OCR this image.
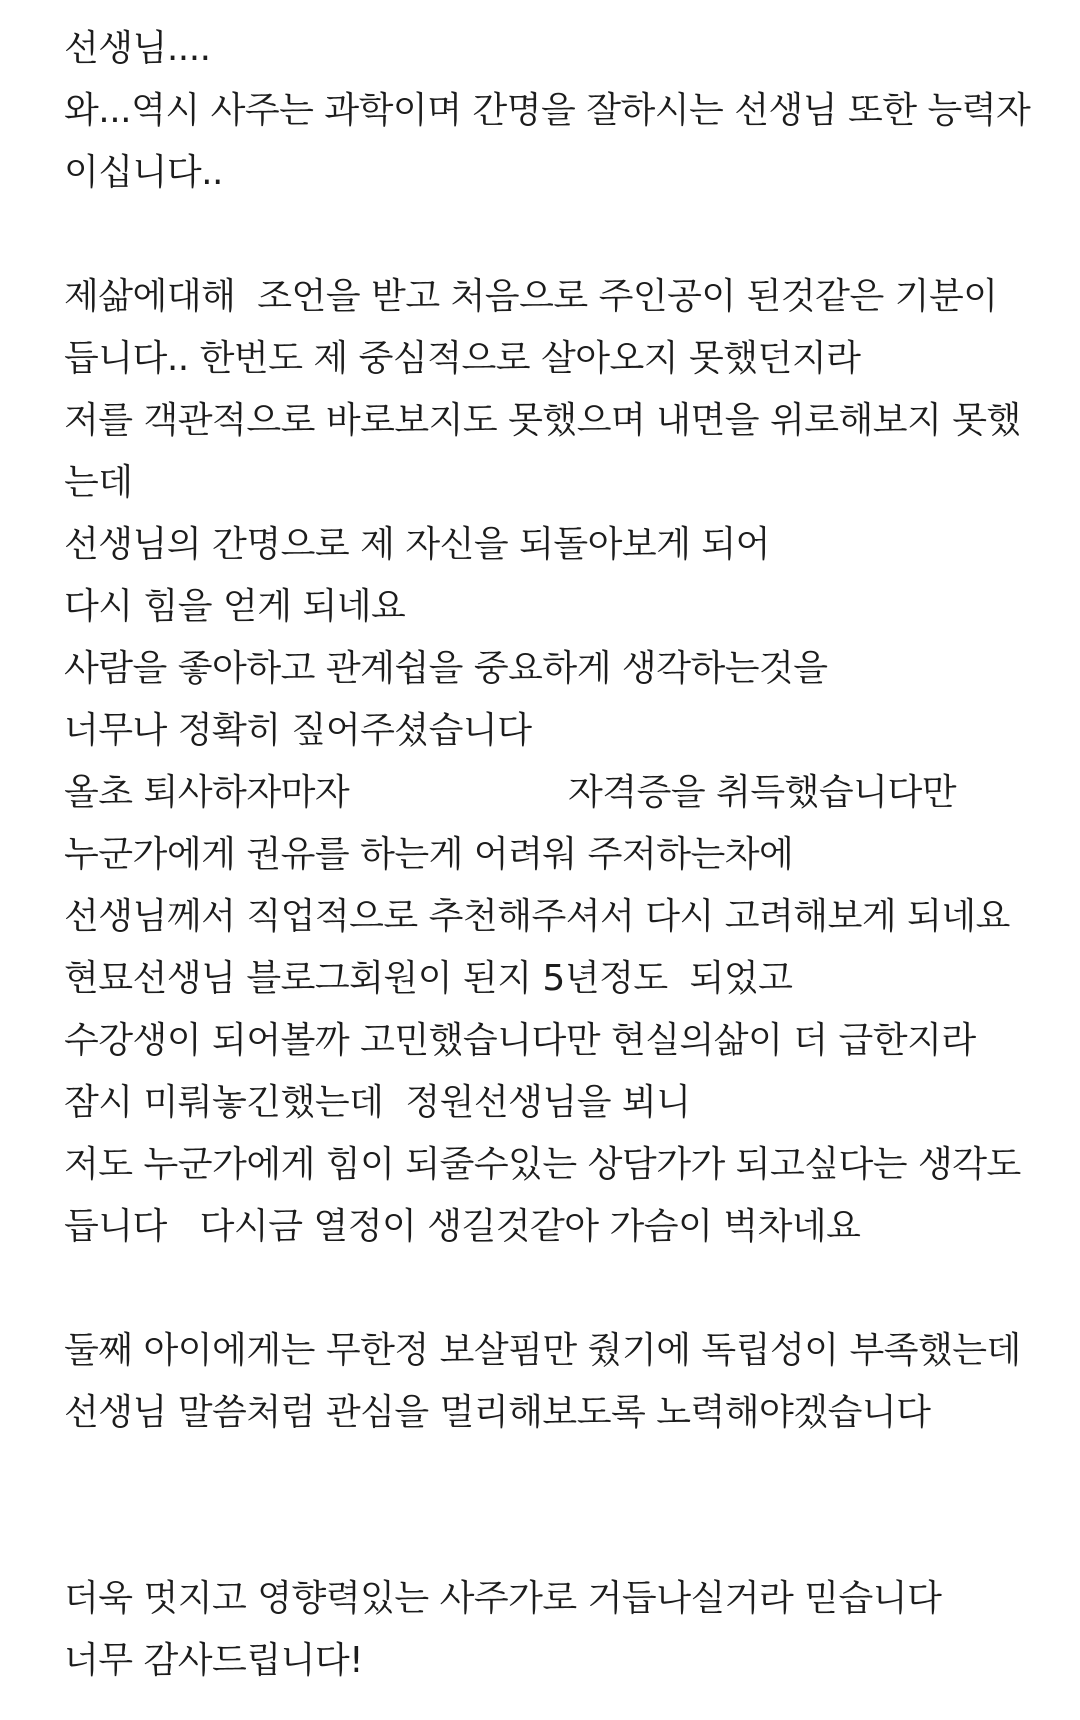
선생님....
와...역시 사주는 과학이며 간명을 잘하시는 선생님 또한 능력자
이십니다..
제삶에대해  조언을 받고 처음으로 주인공이 된것같은 기분이
듭니다.. 한번도 제 중심적으로 살아오지 못했던지라
저를 객관적으로 바로보지도 못했으며 내면을 위로해보지 못했
는데
선생님의 간명으로 제 자신을 되돌아보게 되어
다시 힘을 얻게 되네요
사람을 좋아하고 관계쉽을 중요하게 생각하는것을
너무나 정확히 짚어주셨습니다
올초 퇴사하자마자                    자격증을 취득했습니다만
누군가에게 권유를 하는게 어려워 주저하는차에
선생님께서 직업적으로 추천해주셔서 다시 고려해보게 되네요
현묘선생님 블로그회원이 된지 5년정도  되었고
수강생이 되어볼까 고민했습니다만 현실의삶이 더 급한지라
잠시 미뤄놓긴했는데  정원선생님을 뵈니
저도 누군가에게 힘이 되줄수있는 상담가가 되고싶다는 생각도
듭니다   다시금 열정이 생길것같아 가슴이 벅차네요
둘째 아이에게는 무한정 보살핌만 줬기에 독립성이 부족했는데
선생님 말씀처럼 관심을 멀리해보도록 노력해야겠습니다
더욱 멋지고 영향력있는 사주가로 거듭나실거라 믿습니다
너무 감사드립니다!
